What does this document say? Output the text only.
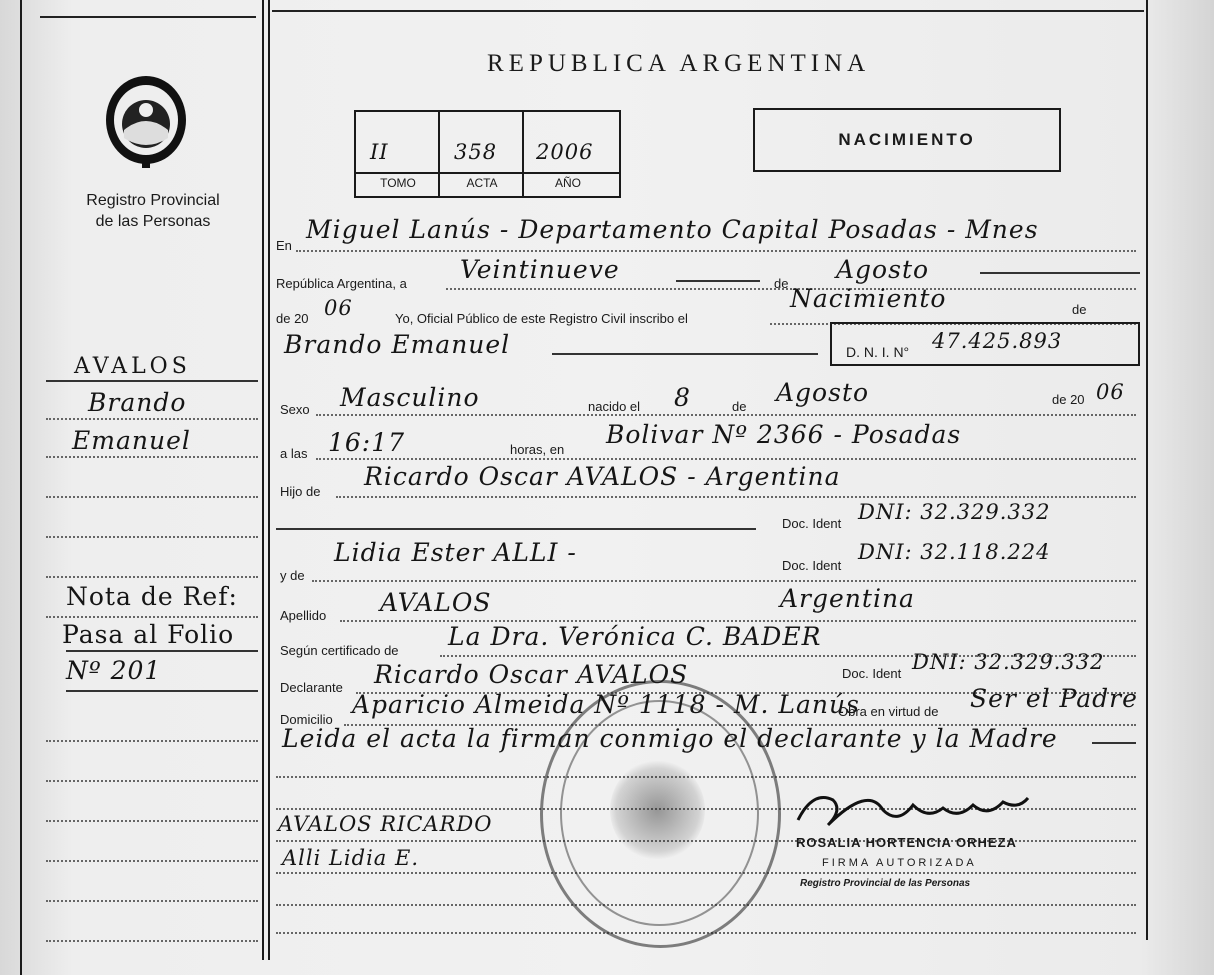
REPUBLICA ARGENTINA
Registro Provincial
de las Personas
II	358 2006
TOMO	ACTA	AÑO
NACIMIENTO
En
Miguel Lanús - Departamento Capital Posadas - Mnes
República Argentina, a Veintinueve	de Agosto
de 20 06	Yo, Oficial Público de este Registro Civil inscribo el
Nacimiento	de
Brando Emanuel	D. N. I. N° 47.425.893
Sexo Masculino	nacido el 8	de Agosto	de 20 06
a las 16:17	horas, en
Bolivar Nº 2366 - Posadas
Hijo de
Ricardo Oscar AVALOS - Argentina
Doc. Ident DNI: 32.329.332
y de
Lidia Ester ALLI -	Doc. Ident
DNI: 32.118.224
Apellido AVALOS	Argentina
Según certificado de La Dra. Verónica C. BADER
Declarante Ricardo Oscar AVALOS	Doc. Ident DNI: 32.329.332
Domicilio
Aparicio Almeida Nº 1118 - M. Lanús
Obra en virtud de Ser el Padre
Leida el acta la firman conmigo el declarante y la Madre
AVALOS RICARDO
Alli Lidia E.
ROSALIA HORTENCIA ORHEZA
FIRMA AUTORIZADA
Registro Provincial de las Personas
AVALOS
Brando
Emanuel
Nota de Ref:
Pasa al Folio
Nº 201
